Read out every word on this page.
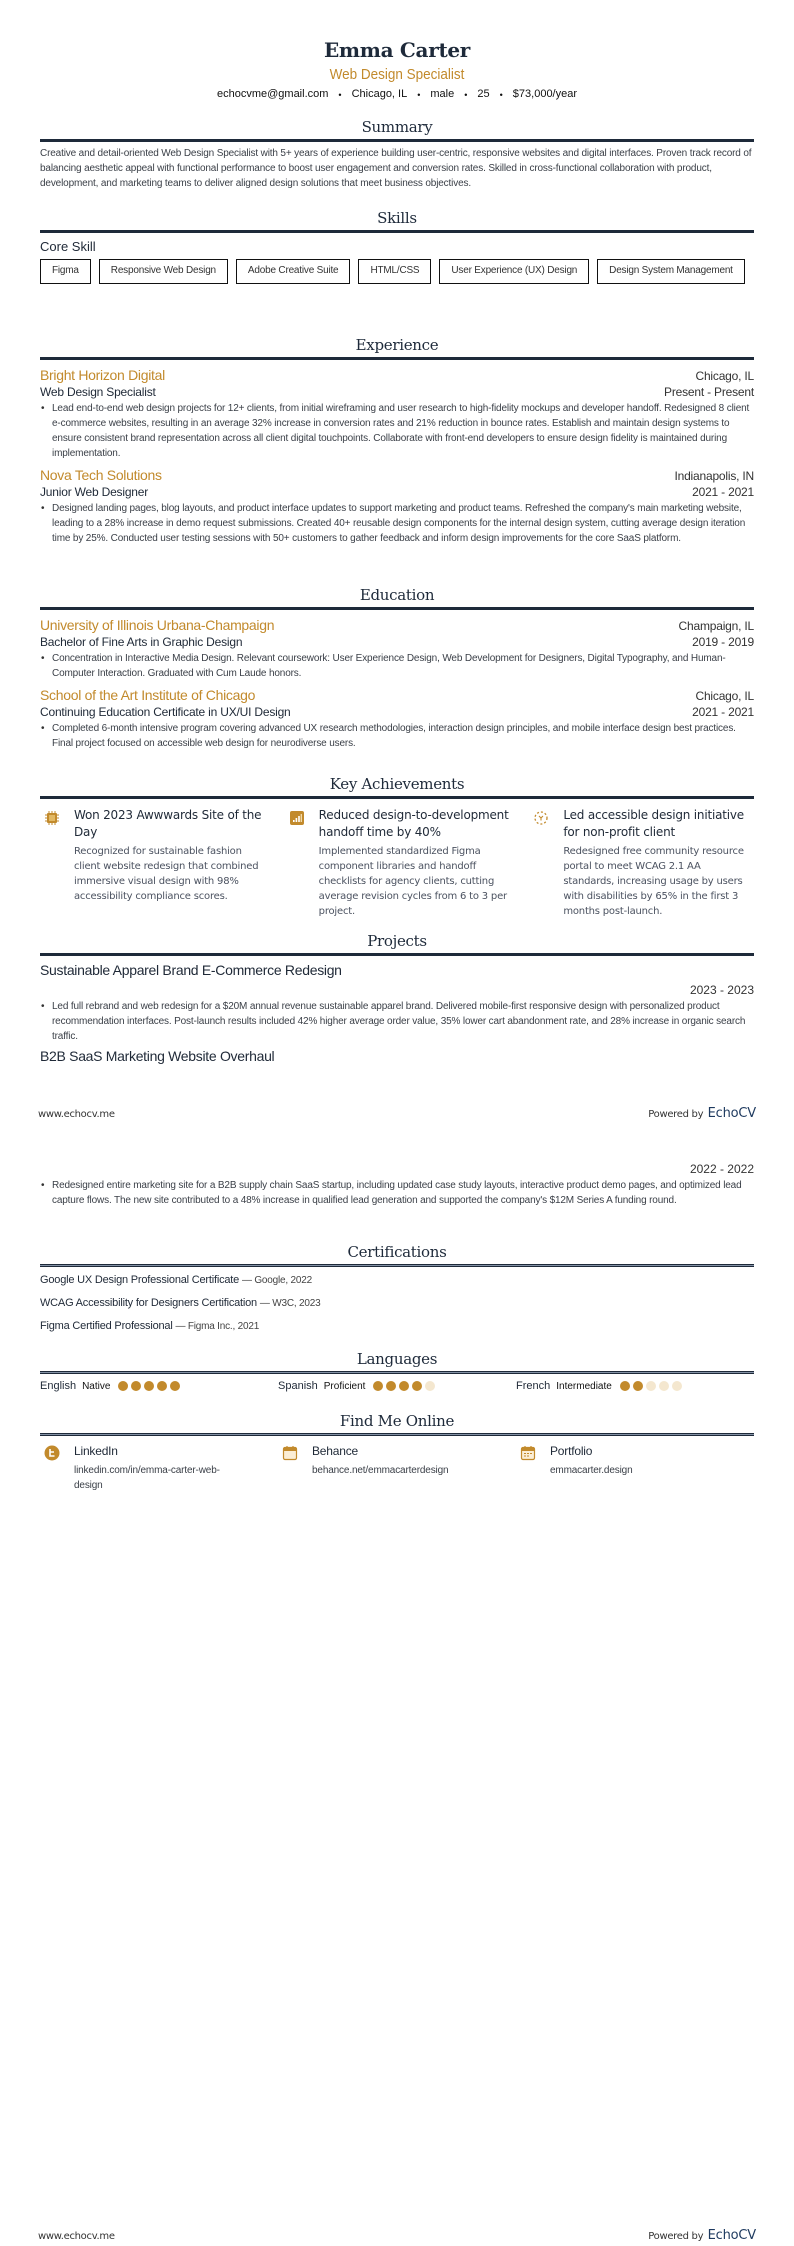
Emma Carter
Web Design Specialist
echocvme@gmail.com • Chicago, IL • male • 25 • $73,000/year
Summary

Creative and detail-oriented Web Design Specialist with 5+ years of experience building user-centric, responsive websites and digital interfaces. Proven track record of balancing aesthetic appeal with functional performance to boost user engagement and conversion rates. Skilled in cross-functional collaboration with product, development, and marketing teams to deliver aligned design solutions that meet business objectives.

Skills
Core Skill
Figma	Responsive Web Design	Adobe Creative Suite	HTML/CSS	User Experience (UX) Design	Design System Management
Experience
Bright Horizon Digital	Chicago, IL
Web Design Specialist	Present - Present
• Lead end-to-end web design projects for 12+ clients, from initial wireframing and user research to high-fidelity mockups and developer handoff. Redesigned 8 client e-commerce websites, resulting in an average 32% increase in conversion rates and 21% reduction in bounce rates. Establish and maintain design systems to ensure consistent brand representation across all client digital touchpoints. Collaborate with front-end developers to ensure design fidelity is maintained during implementation.
Nova Tech Solutions	Indianapolis, IN
Junior Web Designer	2021 - 2021
• Designed landing pages, blog layouts, and product interface updates to support marketing and product teams. Refreshed the company's main marketing website, leading to a 28% increase in demo request submissions. Created 40+ reusable design components for the internal design system, cutting average design iteration time by 25%. Conducted user testing sessions with 50+ customers to gather feedback and inform design improvements for the core SaaS platform.
Education
University of Illinois Urbana-Champaign	Champaign, IL
Bachelor of Fine Arts in Graphic Design	2019 - 2019
• Concentration in Interactive Media Design. Relevant coursework: User Experience Design, Web Development for Designers, Digital Typography, and Human-Computer Interaction. Graduated with Cum Laude honors.
School of the Art Institute of Chicago	Chicago, IL
Continuing Education Certificate in UX/UI Design	2021 - 2021
• Completed 6-month intensive program covering advanced UX research methodologies, interaction design principles, and mobile interface design best practices. Final project focused on accessible web design for neurodiverse users.
Key Achievements
Won 2023 Awwwards Site of the Day
Recognized for sustainable fashion client website redesign that combined immersive visual design with 98% accessibility compliance scores.
Reduced design-to-development handoff time by 40%
Implemented standardized Figma component libraries and handoff checklists for agency clients, cutting average revision cycles from 6 to 3 per project.
Led accessible design initiative for non-profit client
Redesigned free community resource portal to meet WCAG 2.1 AA standards, increasing usage by users with disabilities by 65% in the first 3 months post-launch.
Projects
Sustainable Apparel Brand E-Commerce Redesign
2023 - 2023
• Led full rebrand and web redesign for a $20M annual revenue sustainable apparel brand. Delivered mobile-first responsive design with personalized product recommendation interfaces. Post-launch results included 42% higher average order value, 35% lower cart abandonment rate, and 28% increase in organic search traffic.
B2B SaaS Marketing Website Overhaul
www.echocv.me	Powered by EchoCV
2022 - 2022
• Redesigned entire marketing site for a B2B supply chain SaaS startup, including updated case study layouts, interactive product demo pages, and optimized lead capture flows. The new site contributed to a 48% increase in qualified lead generation and supported the company's $12M Series A funding round.
Certifications
Google UX Design Professional Certificate — Google, 2022
WCAG Accessibility for Designers Certification — W3C, 2023
Figma Certified Professional — Figma Inc., 2021
Languages
English Native	Spanish Proficient	French Intermediate
Find Me Online
LinkedIn
linkedin.com/in/emma-carter-web-design
Behance
behance.net/emmacarterdesign
Portfolio
emmacarter.design
www.echocv.me	Powered by EchoCV
